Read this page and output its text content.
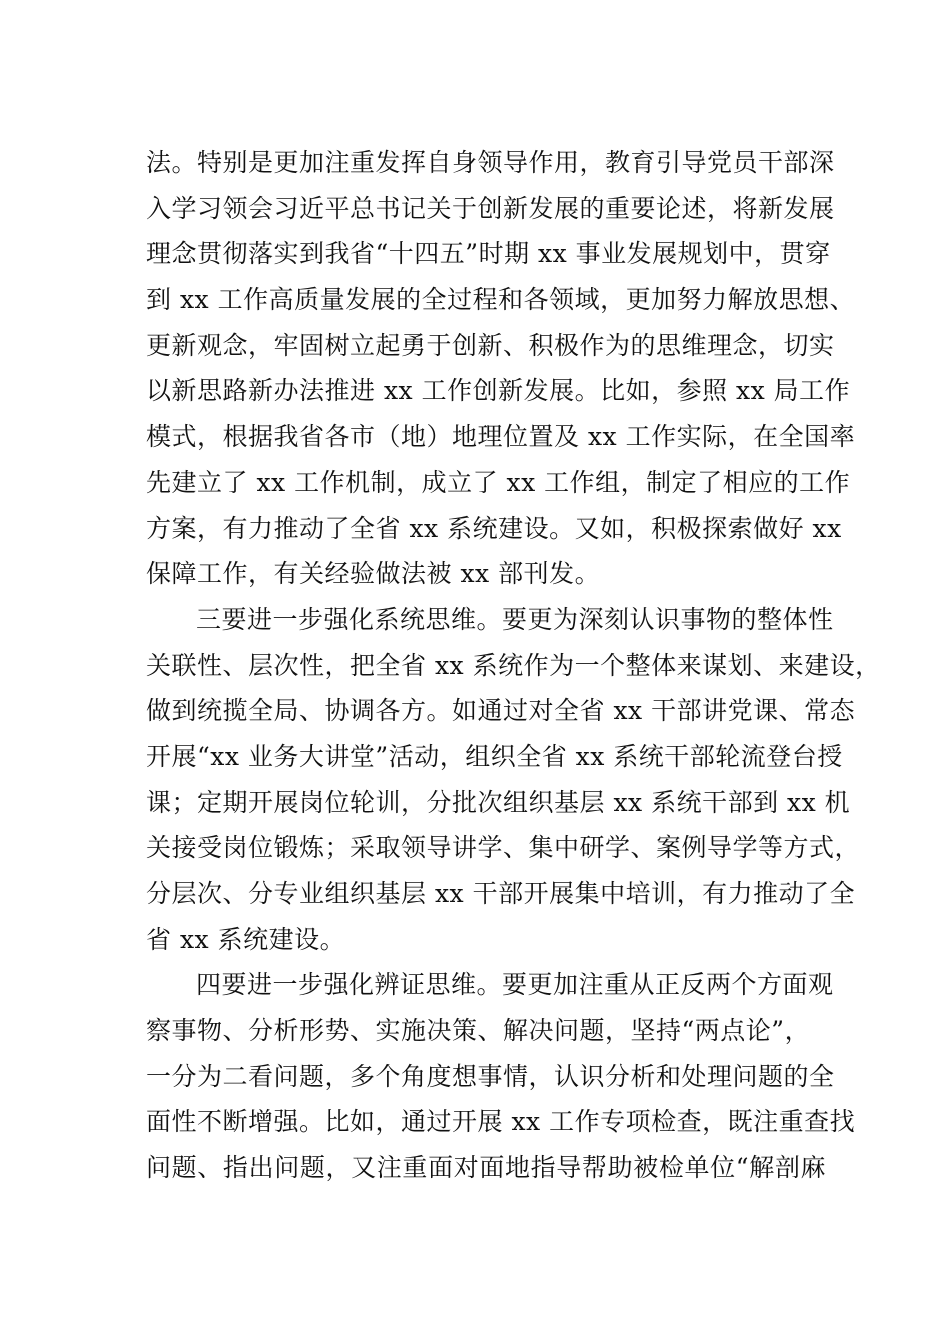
法。特别是更加注重发挥自身领导作用，教育引导党员干部深
入学习领会习近平总书记关于创新发展的重要论述，将新发展
理念贯彻落实到我省“十四五”时期 xx 事业发展规划中，贯穿
到 xx 工作高质量发展的全过程和各领域，更加努力解放思想、
更新观念，牢固树立起勇于创新、积极作为的思维理念，切实
以新思路新办法推进 xx 工作创新发展。比如，参照 xx 局工作
模式，根据我省各市（地）地理位置及 xx 工作实际，在全国率
先建立了 xx 工作机制，成立了 xx 工作组，制定了相应的工作
方案，有力推动了全省 xx 系统建设。又如，积极探索做好 xx
保障工作，有关经验做法被 xx 部刊发。
三要进一步强化系统思维。要更为深刻认识事物的整体性
关联性、层次性，把全省 xx 系统作为一个整体来谋划、来建设，
做到统揽全局、协调各方。如通过对全省 xx 干部讲党课、常态
开展“xx 业务大讲堂”活动，组织全省 xx 系统干部轮流登台授
课；定期开展岗位轮训，分批次组织基层 xx 系统干部到 xx 机
关接受岗位锻炼；采取领导讲学、集中研学、案例导学等方式，
分层次、分专业组织基层 xx 干部开展集中培训，有力推动了全
省 xx 系统建设。
四要进一步强化辨证思维。要更加注重从正反两个方面观
察事物、分析形势、实施决策、解决问题，坚持“两点论”，
一分为二看问题，多个角度想事情，认识分析和处理问题的全
面性不断增强。比如，通过开展 xx 工作专项检查，既注重查找
问题、指出问题，又注重面对面地指导帮助被检单位“解剖麻
